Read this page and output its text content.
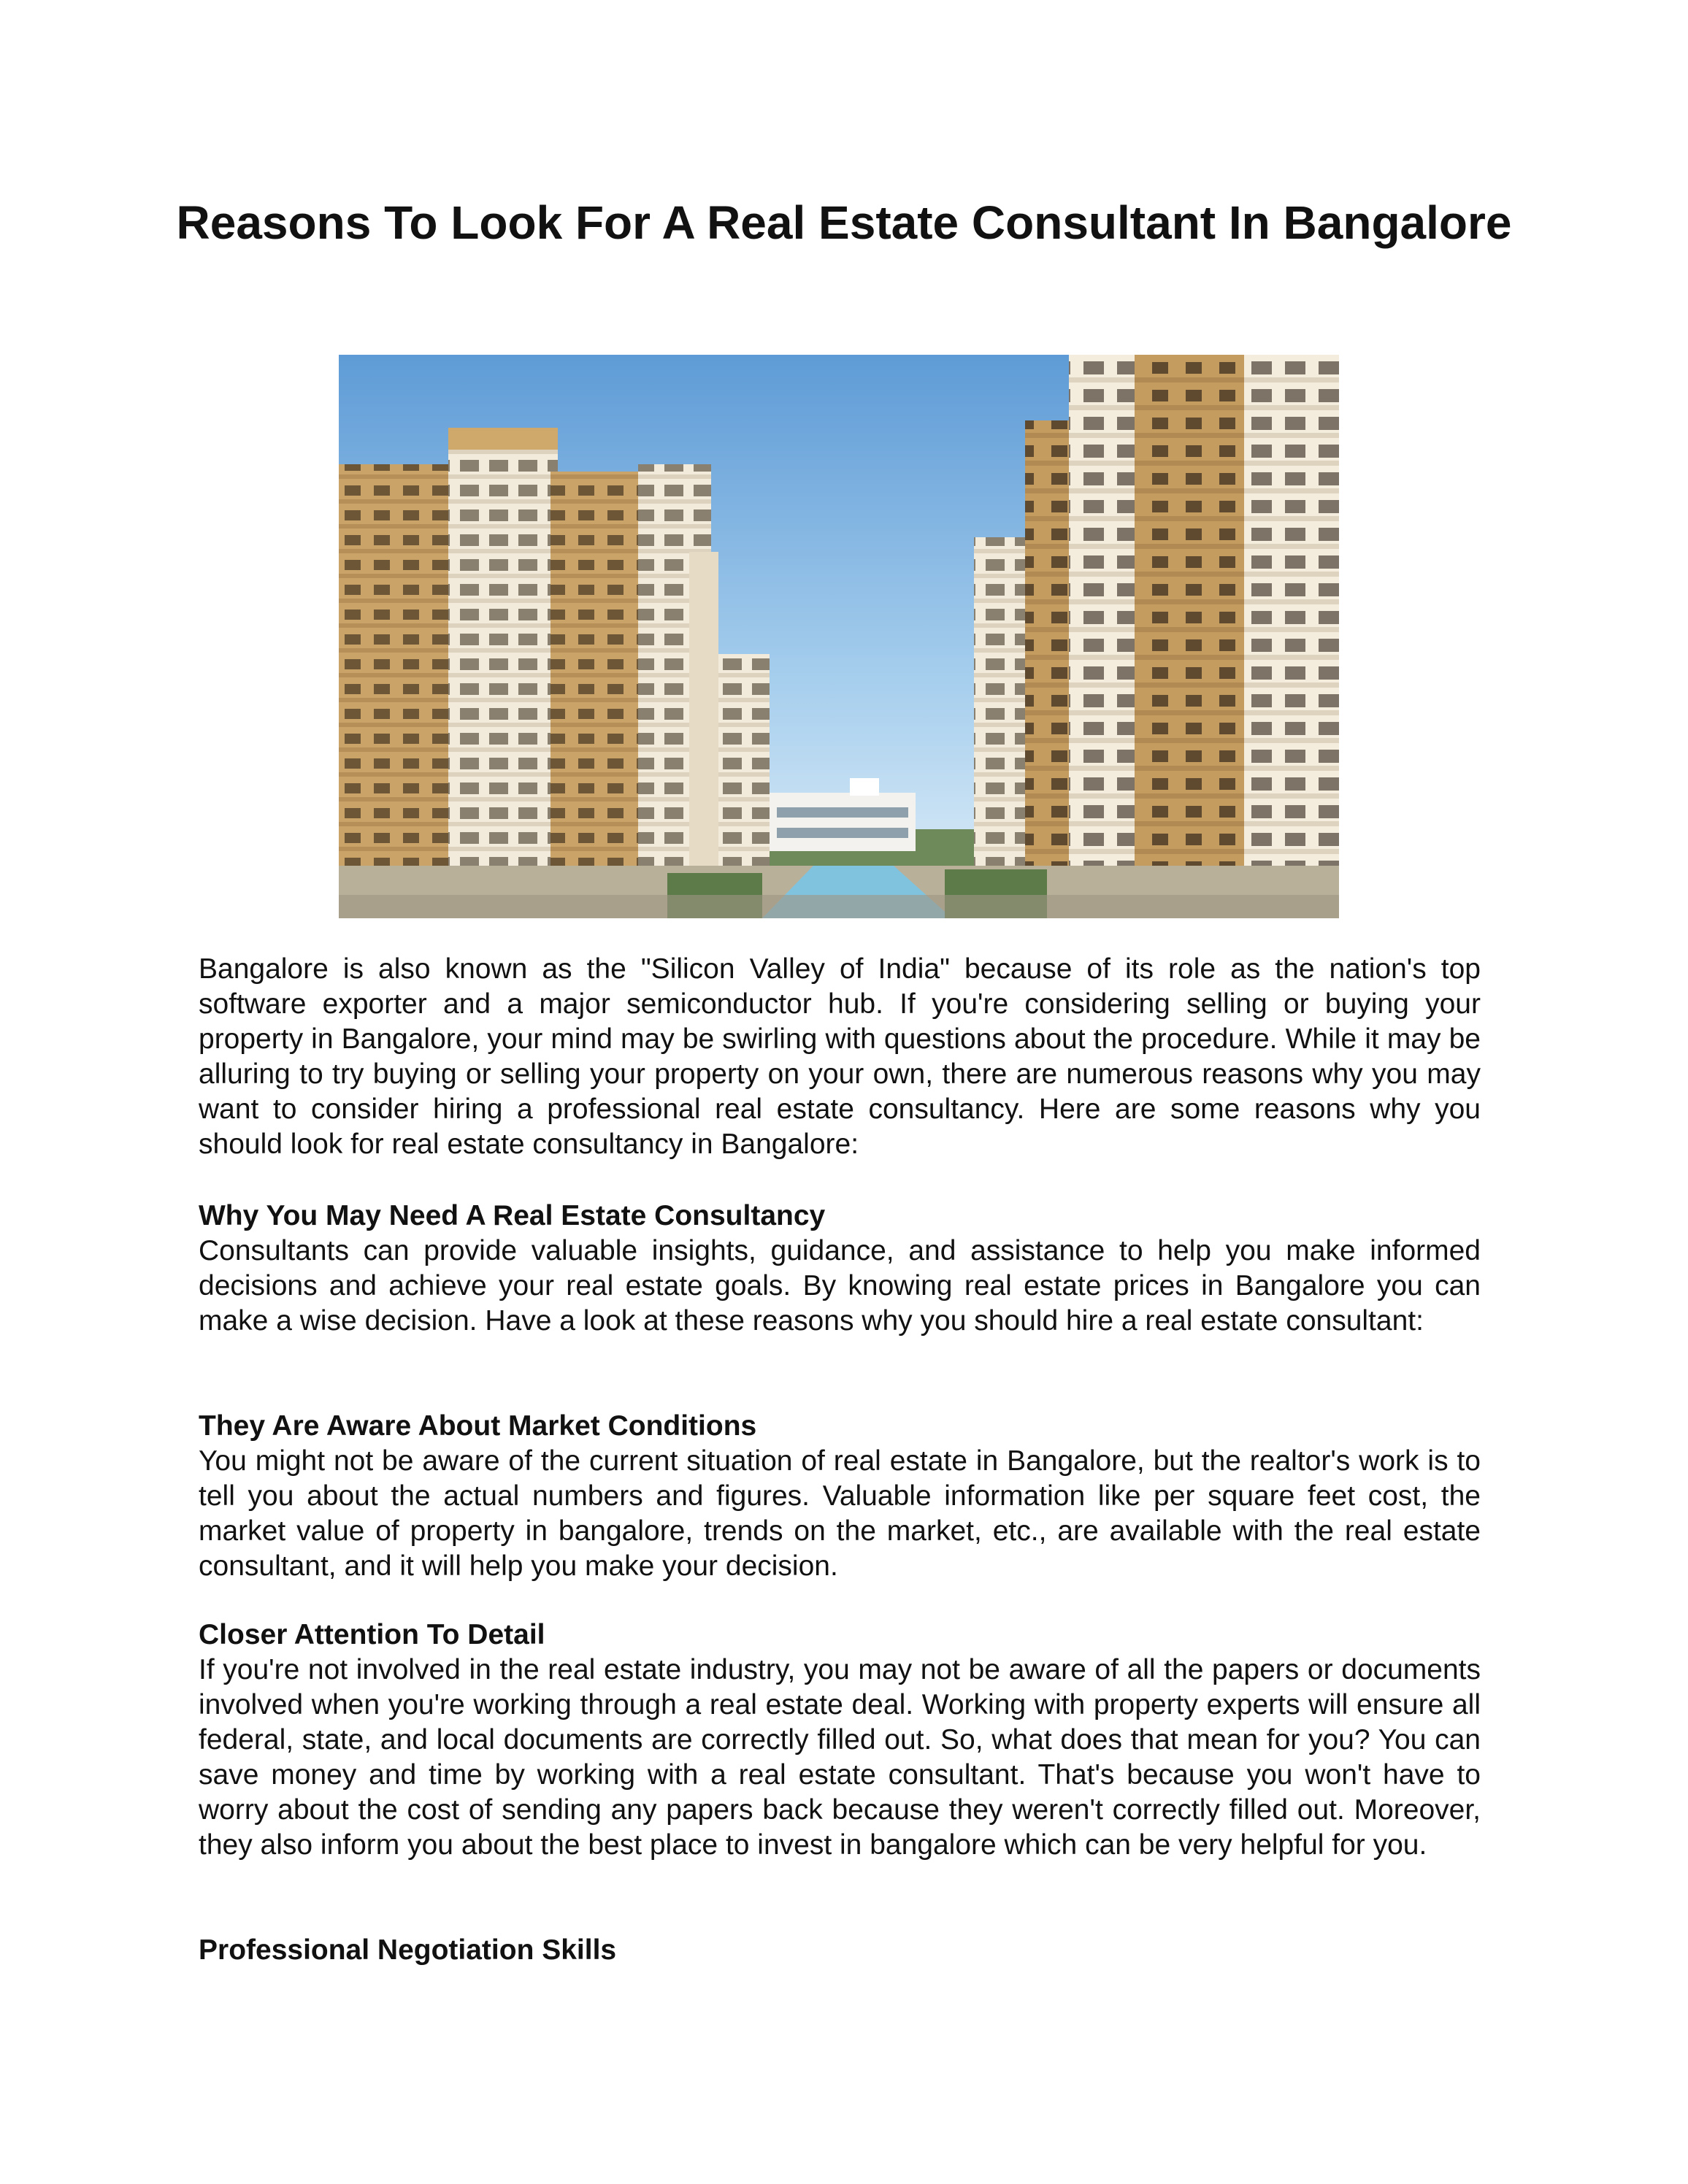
Reasons To Look For A Real Estate Consultant In Bangalore

Bangalore is also known as the "Silicon Valley of India" because of its role as the nation's top software exporter and a major semiconductor hub. If you're considering selling or buying your property in Bangalore, your mind may be swirling with questions about the procedure. While it may be alluring to try buying or selling your property on your own, there are numerous reasons why you may want to consider hiring a professional real estate consultancy. Here are some reasons why you should look for real estate consultancy in Bangalore:

Why You May Need A Real Estate Consultancy

Consultants can provide valuable insights, guidance, and assistance to help you make informed decisions and achieve your real estate goals. By knowing real estate prices in Bangalore you can make a wise decision. Have a look at these reasons why you should hire a real estate consultant:

They Are Aware About Market Conditions

You might not be aware of the current situation of real estate in Bangalore, but the realtor's work is to tell you about the actual numbers and figures. Valuable information like per square feet cost, the market value of property in bangalore, trends on the market, etc., are available with the real estate consultant, and it will help you make your decision.

Closer Attention To Detail

If you're not involved in the real estate industry, you may not be aware of all the papers or documents involved when you're working through a real estate deal. Working with property experts will ensure all federal, state, and local documents are correctly filled out. So, what does that mean for you? You can save money and time by working with a real estate consultant. That's because you won't have to worry about the cost of sending any papers back because they weren't correctly filled out. Moreover, they also inform you about the best place to invest in bangalore which can be very helpful for you.

Professional Negotiation Skills
